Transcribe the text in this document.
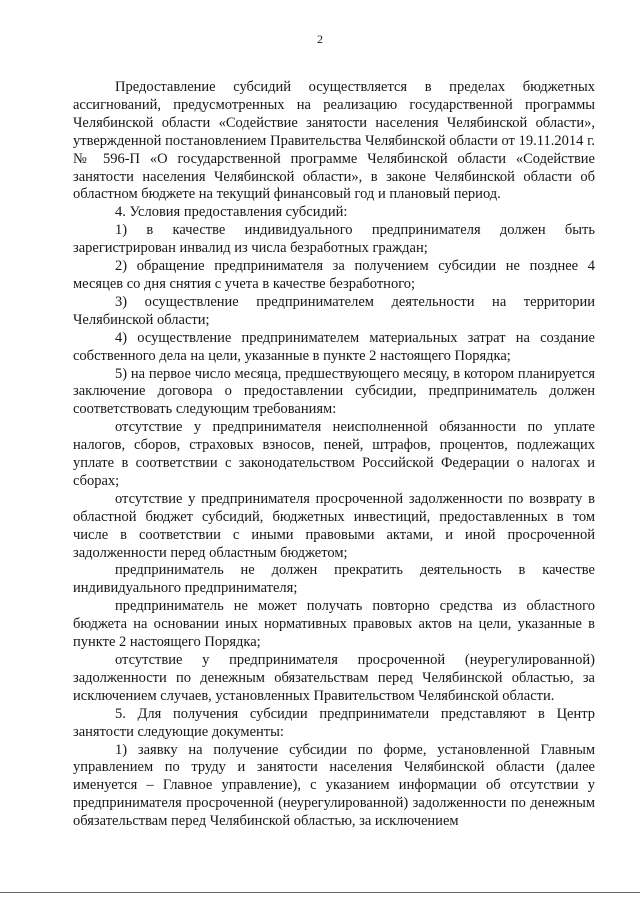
2

Предоставление субсидий осуществляется в пределах бюджетных ассигнований, предусмотренных на реализацию государственной программы Челябинской области «Содействие занятости населения Челябинской области», утвержденной постановлением Правительства Челябинской области от 19.11.2014 г. № 596-П «О государственной программе Челябинской области «Содействие занятости населения Челябинской области», в законе Челябинской области об областном бюджете на текущий финансовый год и плановый период.

4. Условия предоставления субсидий:

1) в качестве индивидуального предпринимателя должен быть зарегистрирован инвалид из числа безработных граждан;

2) обращение предпринимателя за получением субсидии не позднее 4 месяцев со дня снятия с учета в качестве безработного;

3) осуществление предпринимателем деятельности на территории Челябинской области;

4) осуществление предпринимателем материальных затрат на создание собственного дела на цели, указанные в пункте 2 настоящего Порядка;

5) на первое число месяца, предшествующего месяцу, в котором планируется заключение договора о предоставлении субсидии, предприниматель должен соответствовать следующим требованиям:

отсутствие у предпринимателя неисполненной обязанности по уплате налогов, сборов, страховых взносов, пеней, штрафов, процентов, подлежащих уплате в соответствии с законодательством Российской Федерации о налогах и сборах;

отсутствие у предпринимателя просроченной задолженности по возврату в областной бюджет субсидий, бюджетных инвестиций, предоставленных в том числе в соответствии с иными правовыми актами, и иной просроченной задолженности перед областным бюджетом;

предприниматель не должен прекратить деятельность в качестве индивидуального предпринимателя;

предприниматель не может получать повторно средства из областного бюджета на основании иных нормативных правовых актов на цели, указанные в пункте 2 настоящего Порядка;

отсутствие у предпринимателя просроченной (неурегулированной) задолженности по денежным обязательствам перед Челябинской областью, за исключением случаев, установленных Правительством Челябинской области.

5. Для получения субсидии предприниматели представляют в Центр занятости следующие документы:

1) заявку на получение субсидии по форме, установленной Главным управлением по труду и занятости населения Челябинской области (далее именуется – Главное управление), с указанием информации об отсутствии у предпринимателя просроченной (неурегулированной) задолженности по денежным обязательствам перед Челябинской областью, за исключением
